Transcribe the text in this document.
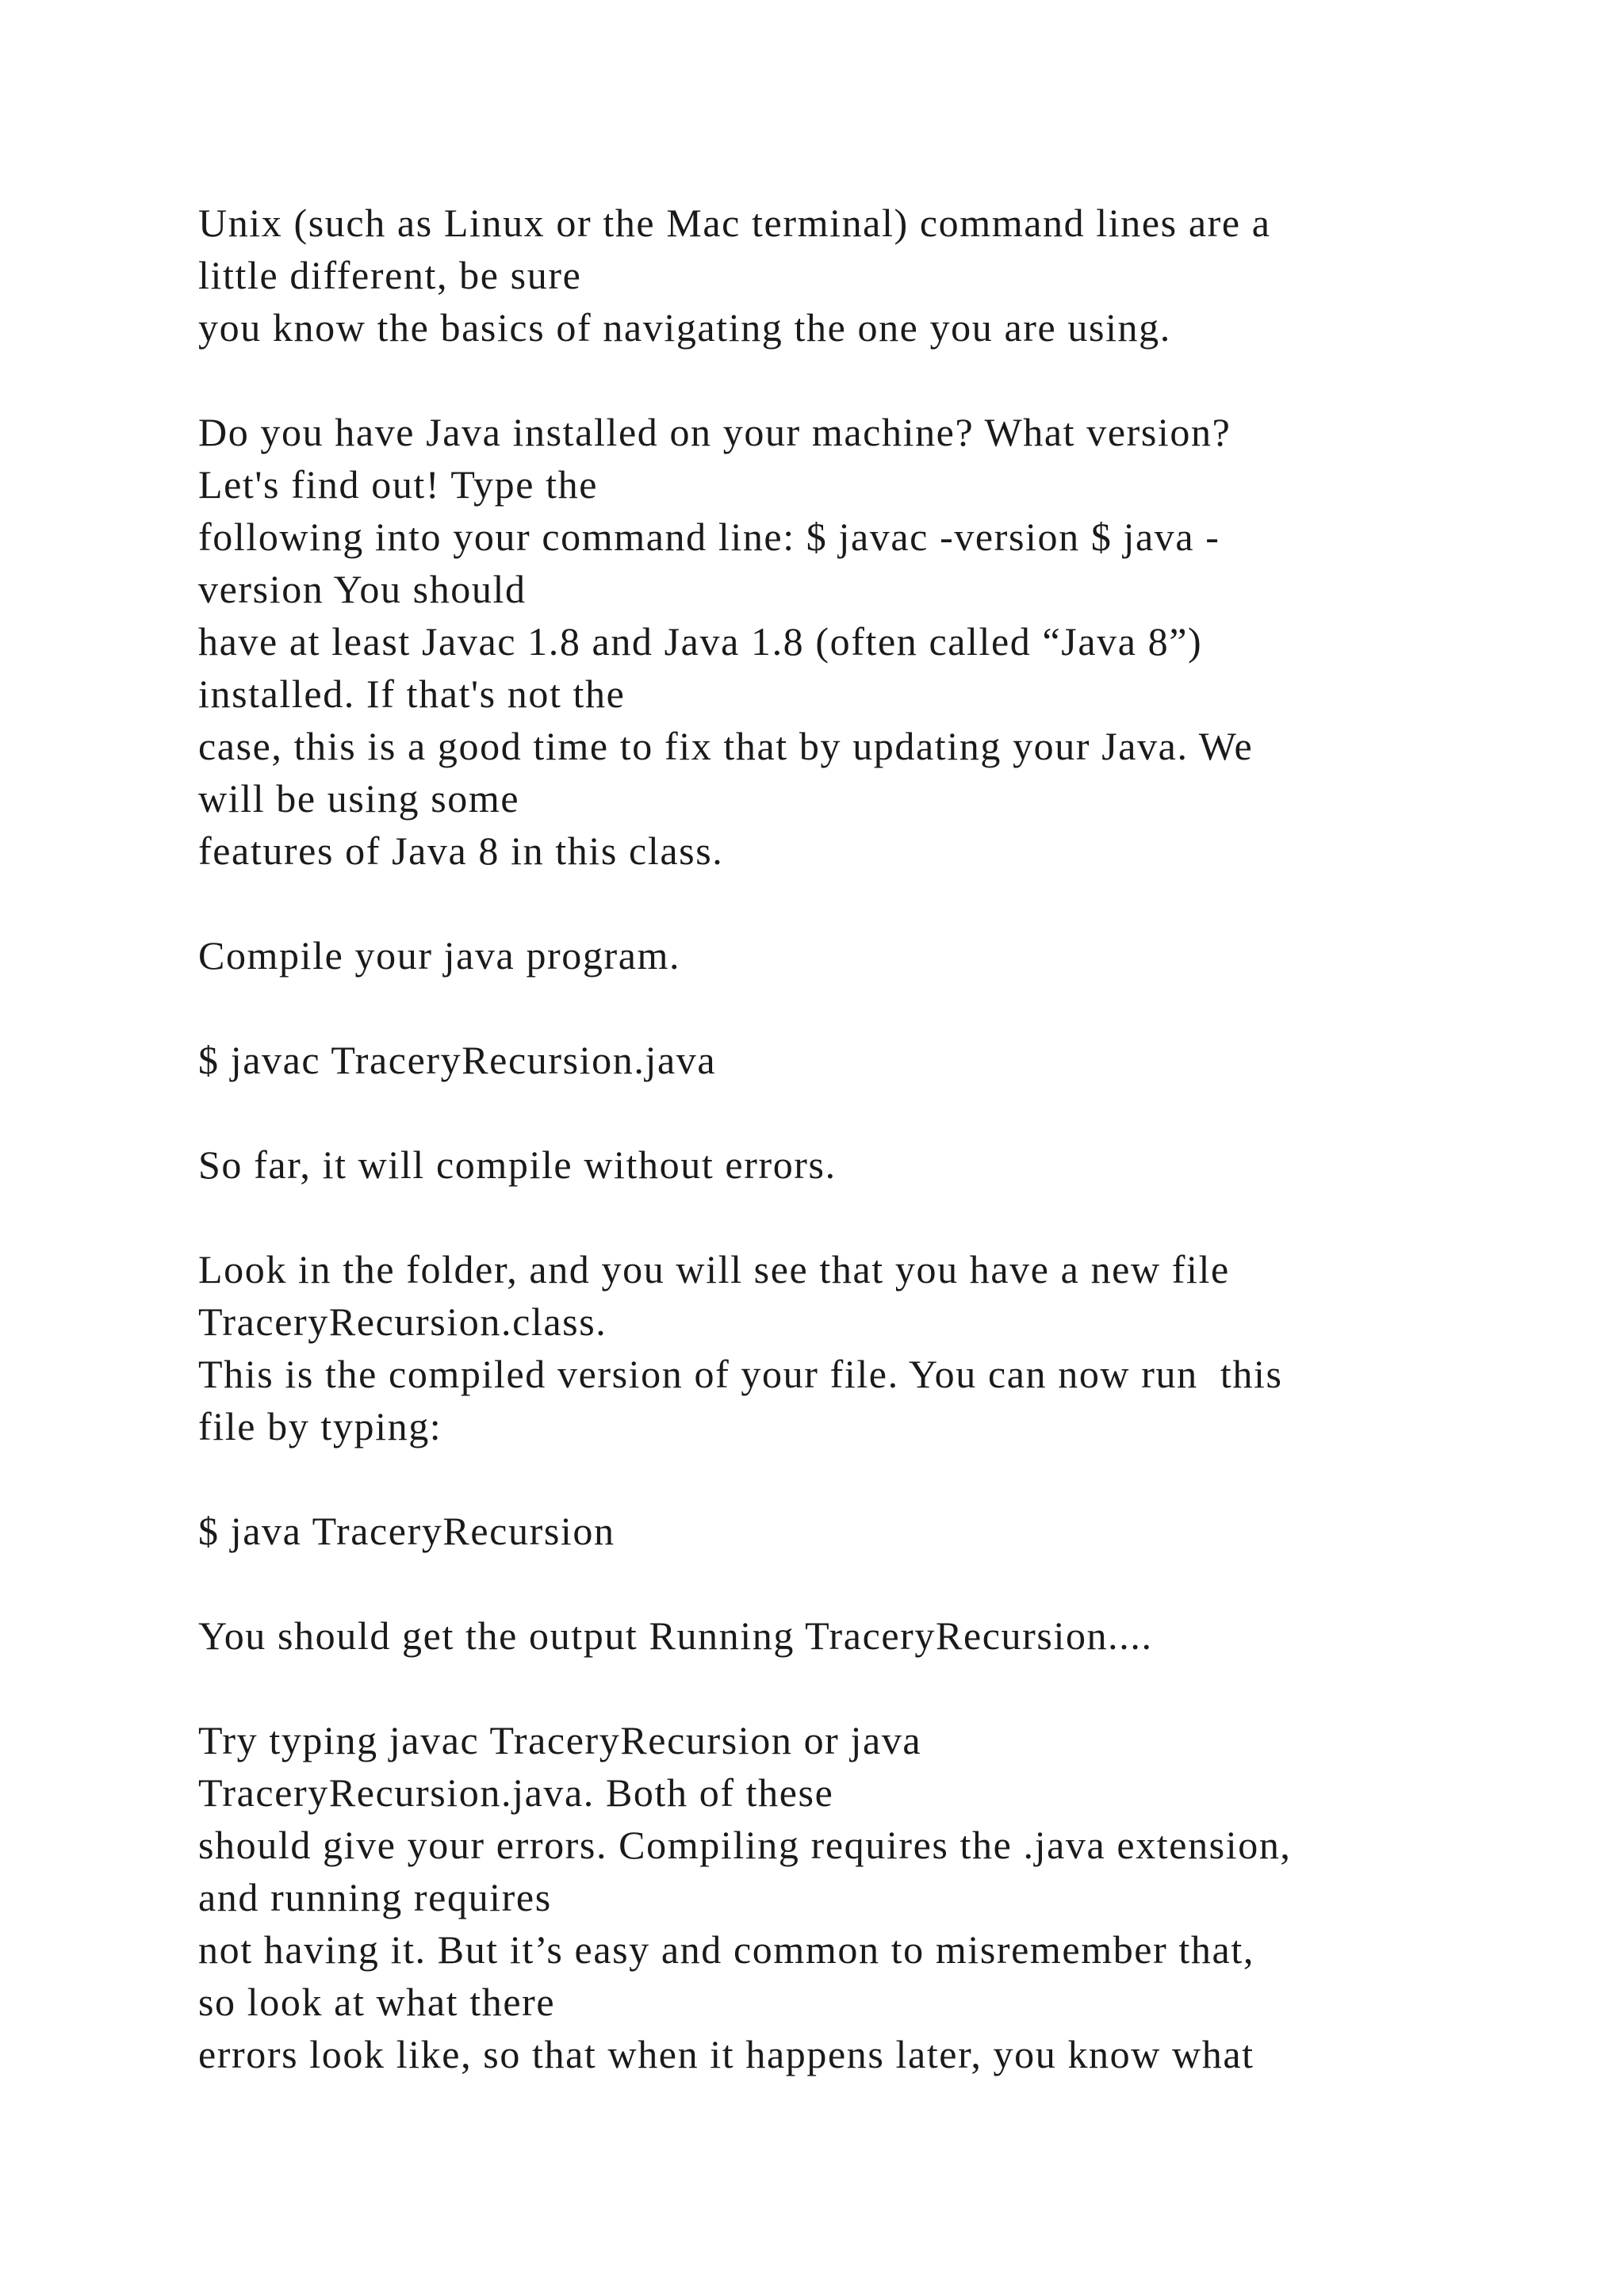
Unix (such as Linux or the Mac terminal) command lines are a
little different, be sure
you know the basics of navigating the one you are using.
Do you have Java installed on your machine? What version?
Let's find out! Type the
following into your command line: $ javac -version $ java -
version You should
have at least Javac 1.8 and Java 1.8 (often called “Java 8”)
installed. If that's not the
case, this is a good time to fix that by updating your Java. We
will be using some
features of Java 8 in this class.
Compile your java program.
$ javac TraceryRecursion.java
So far, it will compile without errors.
Look in the folder, and you will see that you have a new file
TraceryRecursion.class.
This is the compiled version of your file. You can now run  this
file by typing:
$ java TraceryRecursion
You should get the output Running TraceryRecursion....
Try typing javac TraceryRecursion or java
TraceryRecursion.java. Both of these
should give your errors. Compiling requires the .java extension,
and running requires
not having it. But it’s easy and common to misremember that,
so look at what there
errors look like, so that when it happens later, you know what
